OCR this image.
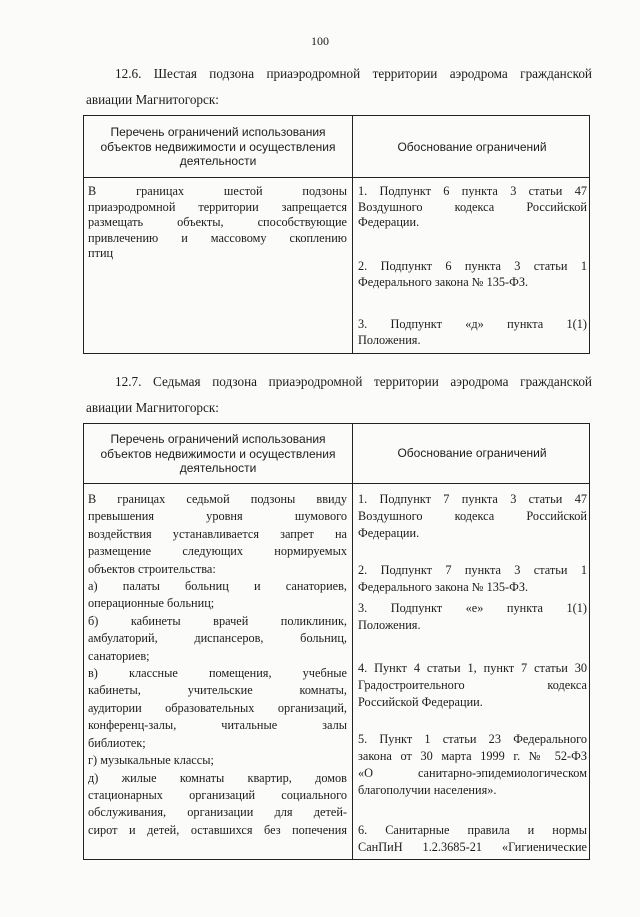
100
12.6. Шестая подзона приаэродромной территории аэродрома гражданской
авиации Магнитогорск:
Перечень ограничений использования
объектов недвижимости и осуществления
деятельности
Обоснование ограничений
В границах шестой подзоны
приаэродромной территории запрещается
размещать объекты, способствующие
привлечению и массовому скоплению
птиц
1. Подпункт 6 пункта 3 статьи 47
Воздушного кодекса Российской
Федерации.
2. Подпункт 6 пункта 3 статьи 1
Федерального закона № 135-ФЗ.
3. Подпункт «д» пункта 1(1)
Положения.
12.7. Седьмая подзона приаэродромной территории аэродрома гражданской
авиации Магнитогорск:
Перечень ограничений использования
объектов недвижимости и осуществления
деятельности
Обоснование ограничений
В границах седьмой подзоны ввиду
превышения уровня шумового
воздействия устанавливается запрет на
размещение следующих нормируемых
объектов строительства:
а) палаты больниц и санаториев,
операционные больниц;
б) кабинеты врачей поликлиник,
амбулаторий, диспансеров, больниц,
санаториев;
в) классные помещения, учебные
кабинеты, учительские комнаты,
аудитории образовательных организаций,
конференц-залы, читальные залы
библиотек;
г) музыкальные классы;
д) жилые комнаты квартир, домов
стационарных организаций социального
обслуживания, организации для детей-
сирот и детей, оставшихся без попечения
1. Подпункт 7 пункта 3 статьи 47
Воздушного кодекса Российской
Федерации.
2. Подпункт 7 пункта 3 статьи 1
Федерального закона № 135-ФЗ.
3. Подпункт «е» пункта 1(1)
Положения.
4. Пункт 4 статьи 1, пункт 7 статьи 30
Градостроительного кодекса
Российской Федерации.
5. Пункт 1 статьи 23 Федерального
закона от 30 марта 1999 г. № 52-ФЗ
«О санитарно-эпидемиологическом
благополучии населения».
6. Санитарные правила и нормы
СанПиН 1.2.3685-21 «Гигиенические
